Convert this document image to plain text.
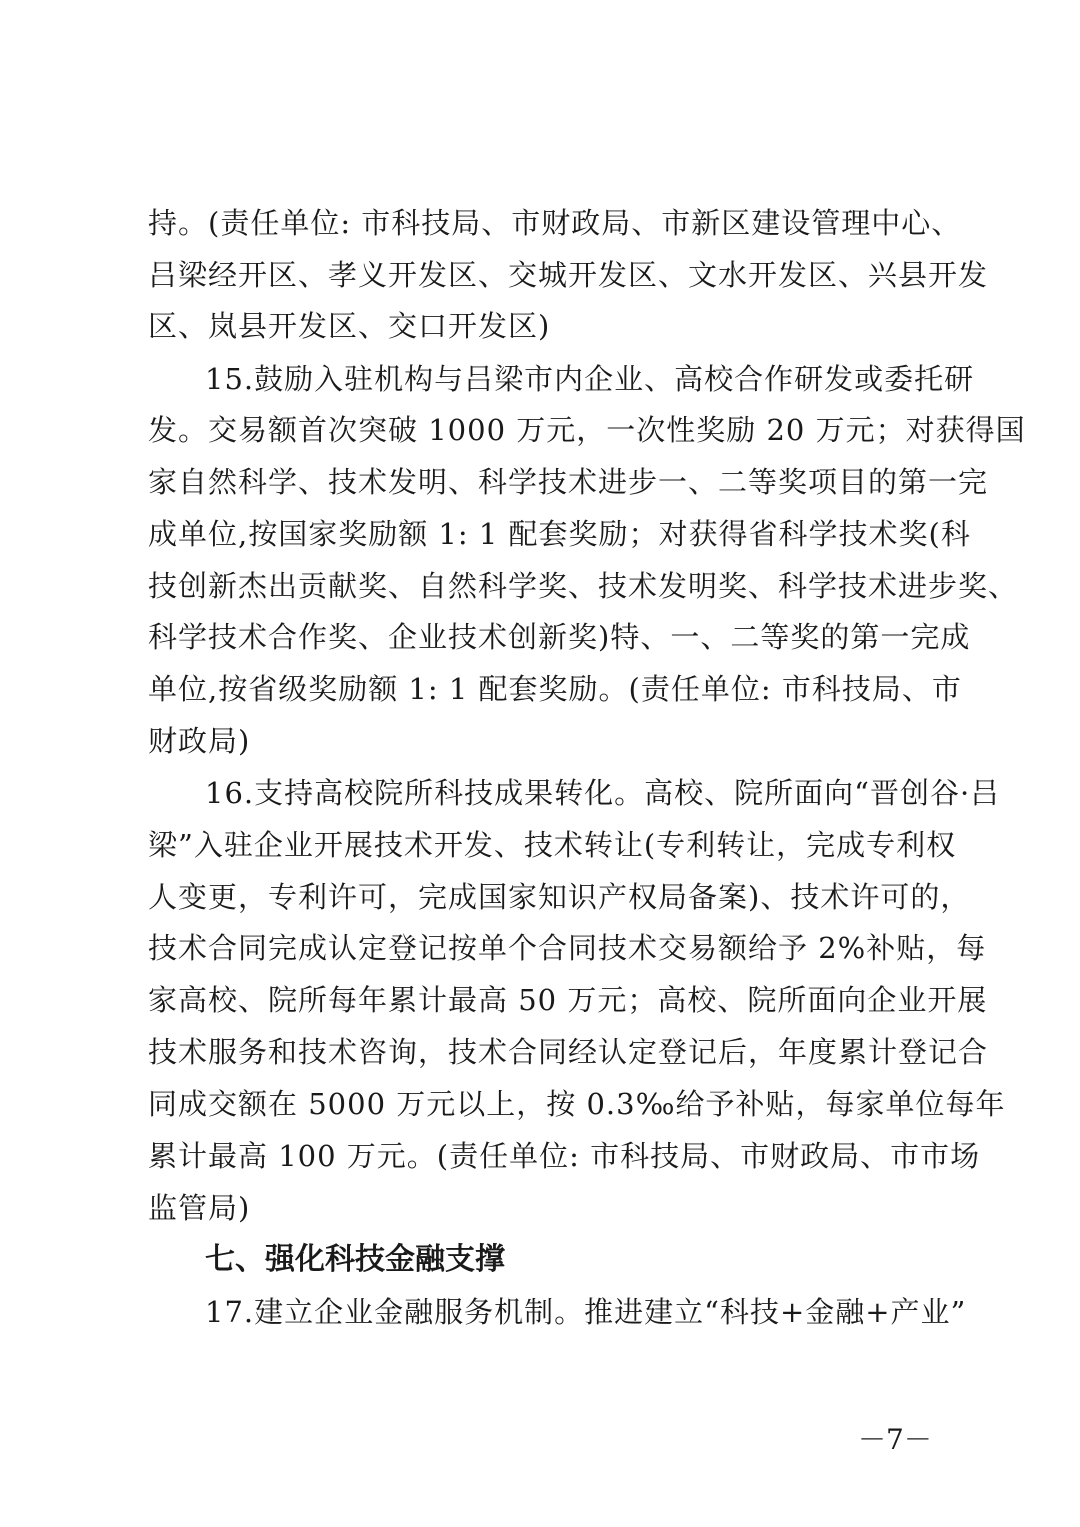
持。(责任单位: 市科技局、市财政局、市新区建设管理中心、
吕梁经开区、孝义开发区、交城开发区、文水开发区、兴县开发
区、岚县开发区、交口开发区)
15.鼓励入驻机构与吕梁市内企业、高校合作研发或委托研
发。交易额首次突破 1000 万元，一次性奖励 20 万元；对获得国
家自然科学、技术发明、科学技术进步一、二等奖项目的第一完
成单位,按国家奖励额 1: 1 配套奖励；对获得省科学技术奖(科
技创新杰出贡献奖、自然科学奖、技术发明奖、科学技术进步奖、
科学技术合作奖、企业技术创新奖)特、一、二等奖的第一完成
单位,按省级奖励额 1: 1 配套奖励。(责任单位: 市科技局、市
财政局)
16.支持高校院所科技成果转化。高校、院所面向“晋创谷·吕
梁”入驻企业开展技术开发、技术转让(专利转让，完成专利权
人变更，专利许可，完成国家知识产权局备案)、技术许可的，
技术合同完成认定登记按单个合同技术交易额给予 2%补贴，每
家高校、院所每年累计最高 50 万元；高校、院所面向企业开展
技术服务和技术咨询，技术合同经认定登记后，年度累计登记合
同成交额在 5000 万元以上，按 0.3‰给予补贴，每家单位每年
累计最高 100 万元。(责任单位: 市科技局、市财政局、市市场
监管局)
七、强化科技金融支撑
17.建立企业金融服务机制。推进建立“科技+金融+产业”
－7－
